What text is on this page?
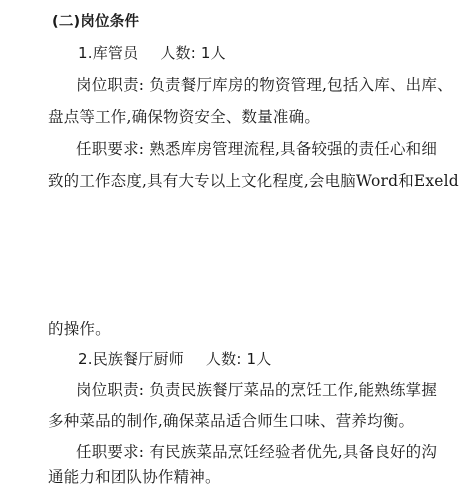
(二)岗位条件
1.库管员 人数: 1人
岗位职责: 负责餐厅库房的物资管理,包括入库、出库、
盘点等工作,确保物资安全、数量准确。
任职要求: 熟悉库房管理流程,具备较强的责任心和细
致的工作态度,具有大专以上文化程度,会电脑Word和Exeld
的操作。
2.民族餐厅厨师 人数: 1人
岗位职责: 负责民族餐厅菜品的烹饪工作,能熟练掌握
多种菜品的制作,确保菜品适合师生口味、营养均衡。
任职要求: 有民族菜品烹饪经验者优先,具备良好的沟
通能力和团队协作精神。
